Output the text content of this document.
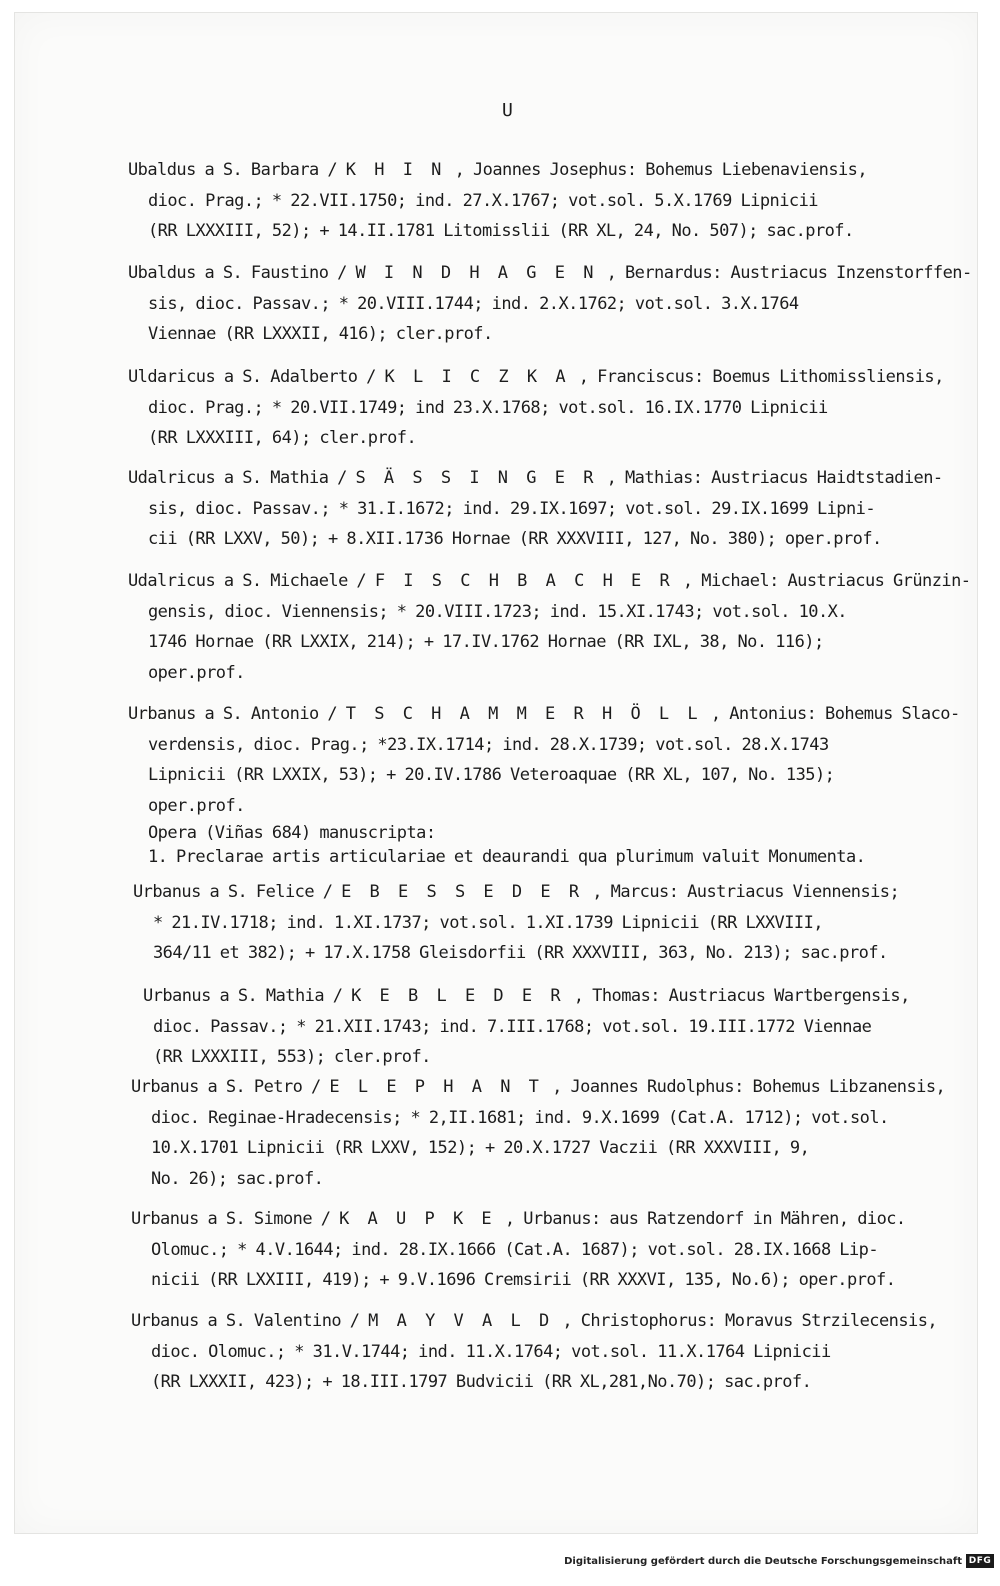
U
Ubaldus a S. Barbara / K H I N , Joannes Josephus: Bohemus Liebenaviensis,
dioc. Prag.; * 22.VII.1750; ind. 27.X.1767; vot.sol. 5.X.1769 Lipnicii
(RR LXXXIII, 52); + 14.II.1781 Litomisslii (RR XL, 24, No. 507); sac.prof.
Ubaldus a S. Faustino / W I N D H A G E N , Bernardus: Austriacus Inzenstorffen-
sis, dioc. Passav.; * 20.VIII.1744; ind. 2.X.1762; vot.sol. 3.X.1764
Viennae (RR LXXXII, 416); cler.prof.
Uldaricus a S. Adalberto / K L I C Z K A , Franciscus: Boemus Lithomissliensis,
dioc. Prag.; * 20.VII.1749; ind 23.X.1768; vot.sol. 16.IX.1770 Lipnicii
(RR LXXXIII, 64); cler.prof.
Udalricus a S. Mathia / S Ä S S I N G E R , Mathias: Austriacus Haidtstadien-
sis, dioc. Passav.; * 31.I.1672; ind. 29.IX.1697; vot.sol. 29.IX.1699 Lipni-
cii (RR LXXV, 50); + 8.XII.1736 Hornae (RR XXXVIII, 127, No. 380); oper.prof.
Udalricus a S. Michaele / F I S C H B A C H E R , Michael: Austriacus Grünzin-
gensis, dioc. Viennensis; * 20.VIII.1723; ind. 15.XI.1743; vot.sol. 10.X.
1746 Hornae (RR LXXIX, 214); + 17.IV.1762 Hornae (RR IXL, 38, No. 116);
oper.prof.
Urbanus a S. Antonio / T S C H A M M E R H Ö L L , Antonius: Bohemus Slaco-
verdensis, dioc. Prag.; *23.IX.1714; ind. 28.X.1739; vot.sol. 28.X.1743
Lipnicii (RR LXXIX, 53); + 20.IV.1786 Veteroaquae (RR XL, 107, No. 135);
oper.prof.
Opera (Viñas 684) manuscripta:
1. Preclarae artis articulariae et deaurandi qua plurimum valuit Monumenta.
Urbanus a S. Felice / E B E S S E D E R , Marcus: Austriacus Viennensis;
* 21.IV.1718; ind. 1.XI.1737; vot.sol. 1.XI.1739 Lipnicii (RR LXXVIII,
364/11 et 382); + 17.X.1758 Gleisdorfii (RR XXXVIII, 363, No. 213); sac.prof.
Urbanus a S. Mathia / K E B L E D E R , Thomas: Austriacus Wartbergensis,
dioc. Passav.; * 21.XII.1743; ind. 7.III.1768; vot.sol. 19.III.1772 Viennae
(RR LXXXIII, 553); cler.prof.
Urbanus a S. Petro / E L E P H A N T , Joannes Rudolphus: Bohemus Libzanensis,
dioc. Reginae-Hradecensis; * 2,II.1681; ind. 9.X.1699 (Cat.A. 1712); vot.sol.
10.X.1701 Lipnicii (RR LXXV, 152); + 20.X.1727 Vaczii (RR XXXVIII, 9,
No. 26); sac.prof.
Urbanus a S. Simone / K A U P K E , Urbanus: aus Ratzendorf in Mähren, dioc.
Olomuc.; * 4.V.1644; ind. 28.IX.1666 (Cat.A. 1687); vot.sol. 28.IX.1668 Lip-
nicii (RR LXXIII, 419); + 9.V.1696 Cremsirii (RR XXXVI, 135, No.6); oper.prof.
Urbanus a S. Valentino / M A Y V A L D , Christophorus: Moravus Strzilecensis,
dioc. Olomuc.; * 31.V.1744; ind. 11.X.1764; vot.sol. 11.X.1764 Lipnicii
(RR LXXXII, 423); + 18.III.1797 Budvicii (RR XL,281,No.70); sac.prof.
Digitalisierung gefördert durch die Deutsche Forschungsgemeinschaft DFG
